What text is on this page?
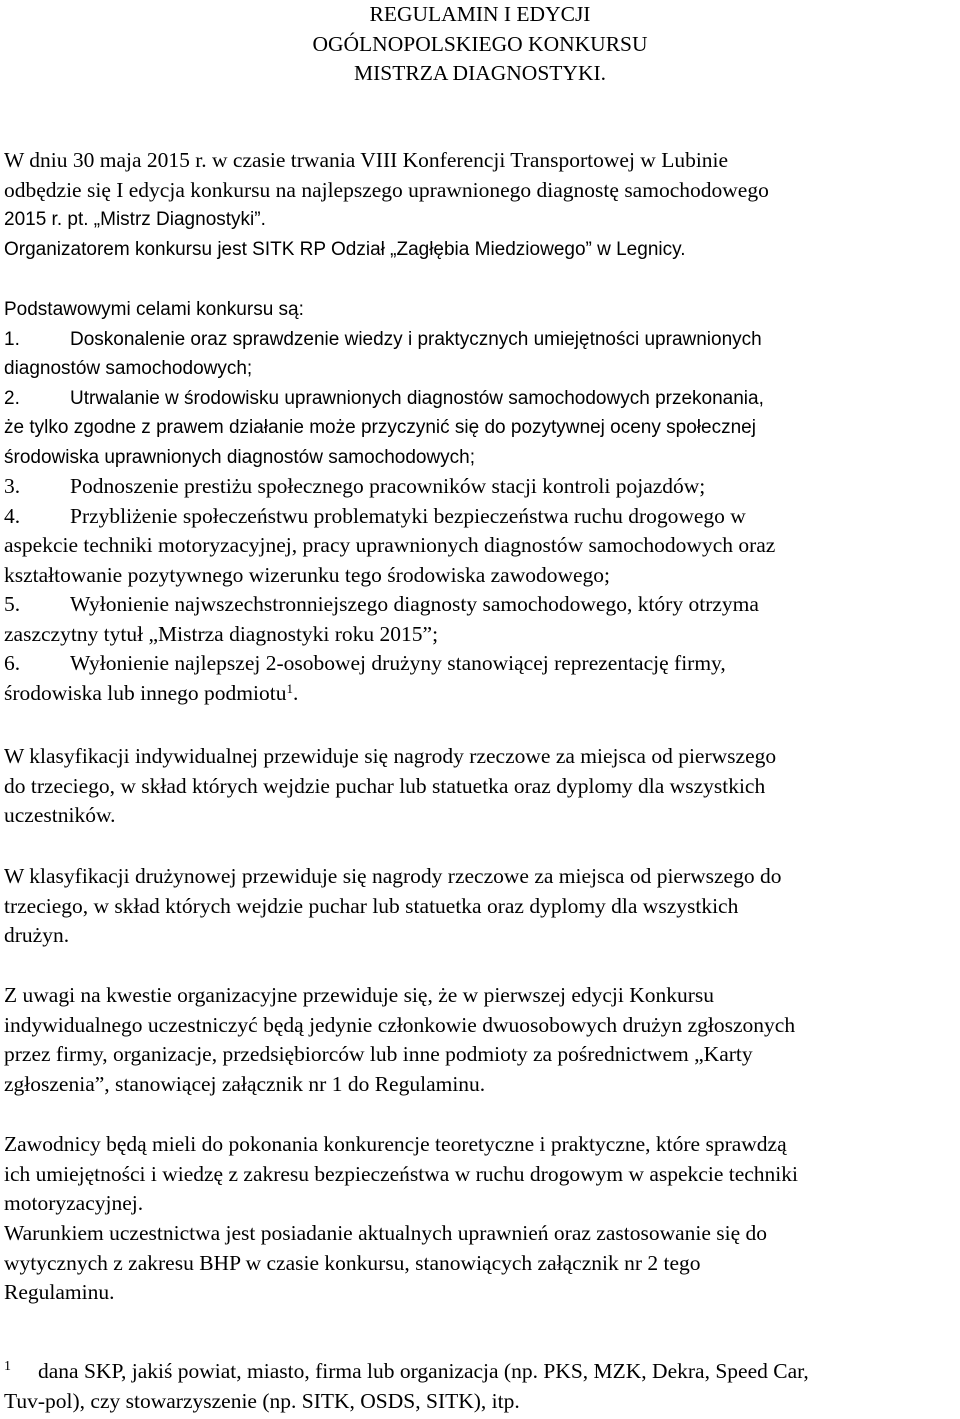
REGULAMIN I EDYCJI
OGÓLNOPOLSKIEGO KONKURSU
MISTRZA DIAGNOSTYKI.
W dniu 30 maja 2015 r. w czasie trwania VIII Konferencji Transportowej w Lubinie
odbędzie się I edycja konkursu na najlepszego uprawnionego diagnostę samochodowego
2015 r. pt. „Mistrz Diagnostyki”.
Organizatorem konkursu jest SITK RP Odział „Zagłębia Miedziowego” w Legnicy.
Podstawowymi celami konkursu są:
1.	Doskonalenie oraz sprawdzenie wiedzy i praktycznych umiejętności uprawnionych
diagnostów samochodowych;
2.	Utrwalanie w środowisku uprawnionych diagnostów samochodowych przekonania,
że tylko zgodne z prawem działanie może przyczynić się do pozytywnej oceny społecznej
środowiska uprawnionych diagnostów samochodowych;
3. Podnoszenie prestiżu społecznego pracowników stacji kontroli pojazdów;
4. Przybliżenie społeczeństwu problematyki bezpieczeństwa ruchu drogowego w
aspekcie techniki motoryzacyjnej, pracy uprawnionych diagnostów samochodowych oraz
kształtowanie pozytywnego wizerunku tego środowiska zawodowego;
5. Wyłonienie najwszechstronniejszego diagnosty samochodowego, który otrzyma
zaszczytny tytuł „Mistrza diagnostyki roku 2015”;
6. Wyłonienie najlepszej 2-osobowej drużyny stanowiącej reprezentację firmy,
środowiska lub innego podmiotu$^1$.
W klasyfikacji indywidualnej przewiduje się nagrody rzeczowe za miejsca od pierwszego
do trzeciego, w skład których wejdzie puchar lub statuetka oraz dyplomy dla wszystkich
uczestników.
W klasyfikacji drużynowej przewiduje się nagrody rzeczowe za miejsca od pierwszego do
trzeciego, w skład których wejdzie puchar lub statuetka oraz dyplomy dla wszystkich
drużyn.
Z uwagi na kwestie organizacyjne przewiduje się, że w pierwszej edycji Konkursu
indywidualnego uczestniczyć będą jedynie członkowie dwuosobowych drużyn zgłoszonych
przez firmy, organizacje, przedsiębiorców lub inne podmioty za pośrednictwem „Karty
zgłoszenia”, stanowiącej załącznik nr 1 do Regulaminu.
Zawodnicy będą mieli do pokonania konkurencje teoretyczne i praktyczne, które sprawdzą
ich umiejętności i wiedzę z zakresu bezpieczeństwa w ruchu drogowym w aspekcie techniki
motoryzacyjnej.
Warunkiem uczestnictwa jest posiadanie aktualnych uprawnień oraz zastosowanie się do
wytycznych z zakresu BHP w czasie konkursu, stanowiących załącznik nr 2 tego
Regulaminu.
1 dana SKP, jakiś powiat, miasto, firma lub organizacja (np. PKS, MZK, Dekra, Speed Car,
Tuv-pol), czy stowarzyszenie (np. SITK, OSDS, SITK), itp.
